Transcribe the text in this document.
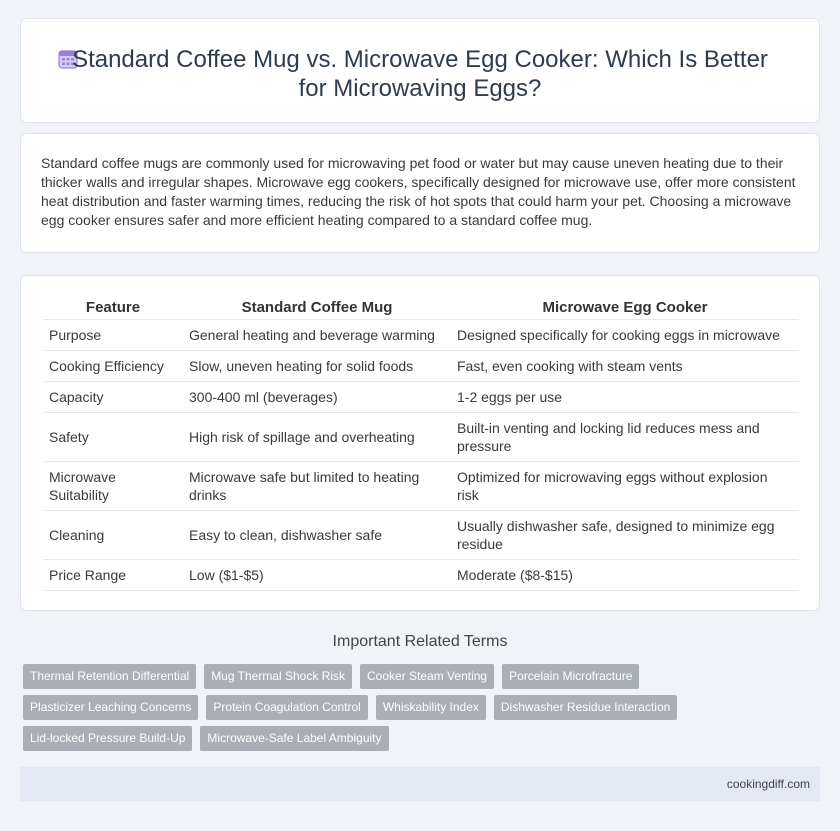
Standard Coffee Mug vs. Microwave Egg Cooker: Which Is Better for Microwaving Eggs?

Standard coffee mugs are commonly used for microwaving pet food or water but may cause uneven heating due to their thicker walls and irregular shapes. Microwave egg cookers, specifically designed for microwave use, offer more consistent heat distribution and faster warming times, reducing the risk of hot spots that could harm your pet. Choosing a microwave egg cooker ensures safer and more efficient heating compared to a standard coffee mug.

Feature	Standard Coffee Mug	Microwave Egg Cooker
Purpose	General heating and beverage warming	Designed specifically for cooking eggs in microwave
Cooking Efficiency	Slow, uneven heating for solid foods	Fast, even cooking with steam vents
Capacity	300-400 ml (beverages)	1-2 eggs per use
Safety	High risk of spillage and overheating	Built-in venting and locking lid reduces mess and pressure
Microwave Suitability	Microwave safe but limited to heating drinks	Optimized for microwaving eggs without explosion risk
Cleaning	Easy to clean, dishwasher safe	Usually dishwasher safe, designed to minimize egg residue
Price Range	Low ($1-$5)	Moderate ($8-$15)
Important Related Terms
Thermal Retention Differential	Mug Thermal Shock Risk	Cooker Steam Venting	Porcelain Microfracture
Plasticizer Leaching Concerns	Protein Coagulation Control	Whiskability Index	Dishwasher Residue Interaction
Lid-locked Pressure Build-Up	Microwave-Safe Label Ambiguity
cookingdiff.com
